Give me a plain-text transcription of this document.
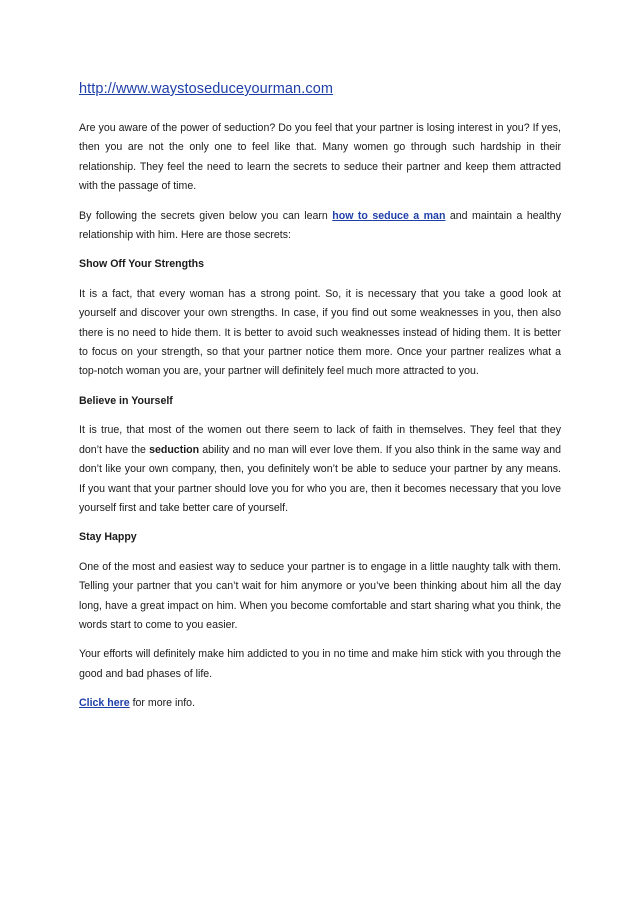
http://www.waystoseduceyourman.com

Are you aware of the power of seduction? Do you feel that your partner is losing interest in you? If yes, then you are not the only one to feel like that. Many women go through such hardship in their relationship. They feel the need to learn the secrets to seduce their partner and keep them attracted with the passage of time.

By following the secrets given below you can learn how to seduce a man and maintain a healthy relationship with him. Here are those secrets:

Show Off Your Strengths

It is a fact, that every woman has a strong point. So, it is necessary that you take a good look at yourself and discover your own strengths. In case, if you find out some weaknesses in you, then also there is no need to hide them. It is better to avoid such weaknesses instead of hiding them. It is better to focus on your strength, so that your partner notice them more. Once your partner realizes what a top-notch woman you are, your partner will definitely feel much more attracted to you.

Believe in Yourself

It is true, that most of the women out there seem to lack of faith in themselves. They feel that they don’t have the seduction ability and no man will ever love them. If you also think in the same way and don’t like your own company, then, you definitely won’t be able to seduce your partner by any means. If you want that your partner should love you for who you are, then it becomes necessary that you love yourself first and take better care of yourself.

Stay Happy

One of the most and easiest way to seduce your partner is to engage in a little naughty talk with them. Telling your partner that you can’t wait for him anymore or you’ve been thinking about him all the day long, have a great impact on him. When you become comfortable and start sharing what you think, the words start to come to you easier.

Your efforts will definitely make him addicted to you in no time and make him stick with you through the good and bad phases of life.

Click here for more info.
